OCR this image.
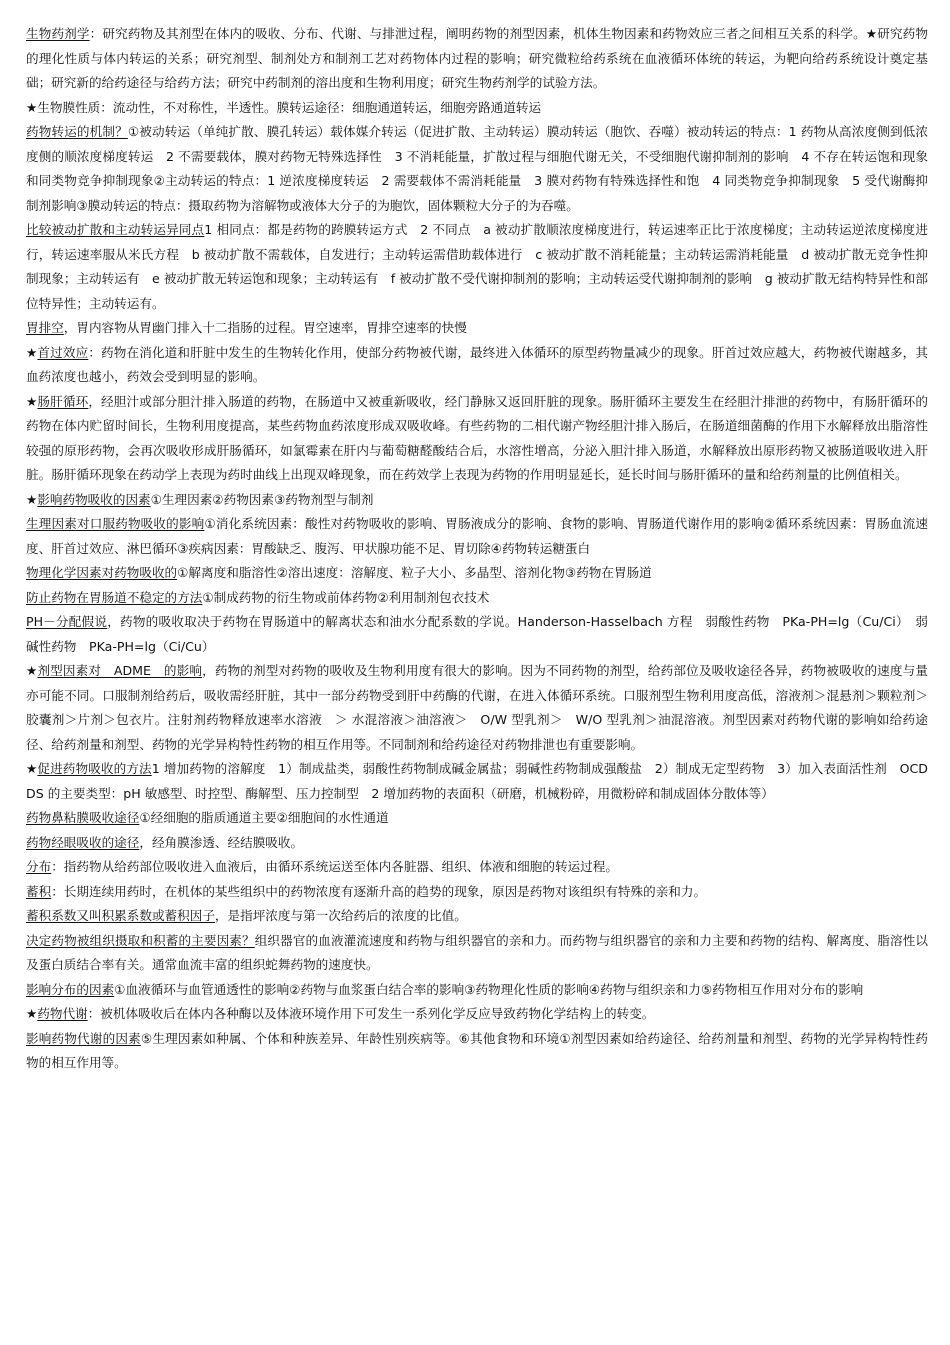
生物药剂学：研究药物及其剂型在体内的吸收、分布、代谢、与排泄过程，阐明药物的剂型因素，机体生物因素和药物效应三者之间相互关系的科学。★研究药物的理化性质与体内转运的关系；研究剂型、制剂处方和制剂工艺对药物体内过程的影响；研究微粒给药系统在血液循环体统的转运，为靶向给药系统设计奠定基础；研究新的给药途径与给药方法；研究中药制剂的溶出度和生物利用度；研究生物药剂学的试验方法。

★生物膜性质：流动性，不对称性，半透性。膜转运途径：细胞通道转运，细胞旁路通道转运

药物转运的机制？①被动转运（单纯扩散、膜孔转运）载体媒介转运（促进扩散、主动转运）膜动转运（胞饮、吞噬）被动转运的特点：1 药物从高浓度侧到低浓度侧的顺浓度梯度转运　2 不需要载体，膜对药物无特殊选择性　3 不消耗能量，扩散过程与细胞代谢无关，不受细胞代谢抑制剂的影响　4 不存在转运饱和现象和同类物竞争抑制现象②主动转运的特点：1 逆浓度梯度转运　2 需要载体不需消耗能量　3 膜对药物有特殊选择性和饱　4 同类物竞争抑制现象　5 受代谢酶抑制剂影响③膜动转运的特点：摄取药物为溶解物或液体大分子的为胞饮，固体颗粒大分子的为吞噬。

比较被动扩散和主动转运异同点1 相同点：都是药物的跨膜转运方式　2 不同点　a 被动扩散顺浓度梯度进行，转运速率正比于浓度梯度；主动转运逆浓度梯度进行，转运速率服从米氏方程　b 被动扩散不需载体，自发进行；主动转运需借助载体进行　c 被动扩散不消耗能量；主动转运需消耗能量　d 被动扩散无竞争性抑制现象；主动转运有　e 被动扩散无转运饱和现象；主动转运有　f 被动扩散不受代谢抑制剂的影响；主动转运受代谢抑制剂的影响　g 被动扩散无结构特异性和部位特异性；主动转运有。

胃排空，胃内容物从胃幽门排入十二指肠的过程。胃空速率，胃排空速率的快慢

★首过效应：药物在消化道和肝脏中发生的生物转化作用，使部分药物被代谢，最终进入体循环的原型药物量减少的现象。肝首过效应越大，药物被代谢越多，其血药浓度也越小，药效会受到明显的影响。

★肠肝循环，经胆汁或部分胆汁排入肠道的药物，在肠道中又被重新吸收，经门静脉又返回肝脏的现象。肠肝循环主要发生在经胆汁排泄的药物中，有肠肝循环的药物在体内贮留时间长，生物利用度提高，某些药物血药浓度形成双吸收峰。有些药物的二相代谢产物经胆汁排入肠后，在肠道细菌酶的作用下水解释放出脂溶性较强的原形药物，会再次吸收形成肝肠循环，如氯霉素在肝内与葡萄糖醛酸结合后，水溶性增高，分泌入胆汁排入肠道，水解释放出原形药物又被肠道吸收进入肝脏。肠肝循环现象在药动学上表现为药时曲线上出现双峰现象，而在药效学上表现为药物的作用明显延长，延长时间与肠肝循环的量和给药剂量的比例值相关。

★影响药物吸收的因素①生理因素②药物因素③药物剂型与制剂

生理因素对口服药物吸收的影响①消化系统因素：酸性对药物吸收的影响、胃肠液成分的影响、食物的影响、胃肠道代谢作用的影响②循环系统因素：胃肠血流速度、肝首过效应、淋巴循环③疾病因素：胃酸缺乏、腹泻、甲状腺功能不足、胃切除④药物转运糖蛋白

物理化学因素对药物吸收的①解离度和脂溶性②溶出速度：溶解度、粒子大小、多晶型、溶剂化物③药物在胃肠道

防止药物在胃肠道不稳定的方法①制成药物的衍生物或前体药物②利用制剂包衣技术

PH－分配假说，药物的吸收取决于药物在胃肠道中的解离状态和油水分配系数的学说。Handerson-Hasselbach 方程　弱酸性药物　PKa-PH=lg（Cu/Ci）　弱碱性药物　PKa-PH=lg（Ci/Cu）

★剂型因素对　ADME　的影响，药物的剂型对药物的吸收及生物利用度有很大的影响。因为不同药物的剂型，给药部位及吸收途径各异，药物被吸收的速度与量亦可能不同。口服制剂给药后，吸收需经肝脏，其中一部分药物受到肝中药酶的代谢，在进入体循环系统。口服剂型生物利用度高低，溶液剂＞混悬剂＞颗粒剂＞胶囊剂＞片剂＞包衣片。注射剂药物释放速率水溶液　＞ 水混溶液＞油溶液＞　O/W 型乳剂＞　W/O 型乳剂＞油混溶液。剂型因素对药物代谢的影响如给药途径、给药剂量和剂型、药物的光学异构特性药物的相互作用等。不同制剂和给药途径对药物排泄也有重要影响。

★促进药物吸收的方法1 增加药物的溶解度　1）制成盐类，弱酸性药物制成碱金属盐；弱碱性药物制成强酸盐　2）制成无定型药物　3）加入表面活性剂　OCDDS 的主要类型：pH 敏感型、时控型、酶解型、压力控制型　2 增加药物的表面积（研磨，机械粉碎，用微粉碎和制成固体分散体等）

药物鼻粘膜吸收途径①经细胞的脂质通道主要②细胞间的水性通道

药物经眼吸收的途径，经角膜渗透、经结膜吸收。

分布：指药物从给药部位吸收进入血液后，由循环系统运送至体内各脏器、组织、体液和细胞的转运过程。

蓄积：长期连续用药时，在机体的某些组织中的药物浓度有逐渐升高的趋势的现象，原因是药物对该组织有特殊的亲和力。

蓄积系数又叫积累系数或蓄积因子，是指坪浓度与第一次给药后的浓度的比值。

决定药物被组织摄取和积蓄的主要因素？组织器官的血液灌流速度和药物与组织器官的亲和力。而药物与组织器官的亲和力主要和药物的结构、解离度、脂溶性以及蛋白质结合率有关。通常血流丰富的组织蛇舞药物的速度快。

影响分布的因素①血液循环与血管通透性的影响②药物与血浆蛋白结合率的影响③药物理化性质的影响④药物与组织亲和力⑤药物相互作用对分布的影响

★药物代谢：被机体吸收后在体内各种酶以及体液环境作用下可发生一系列化学反应导致药物化学结构上的转变。

影响药物代谢的因素⑤生理因素如种属、个体和种族差异、年龄性别疾病等。⑥其他食物和环境①剂型因素如给药途径、给药剂量和剂型、药物的光学异构特性药物的相互作用等。
